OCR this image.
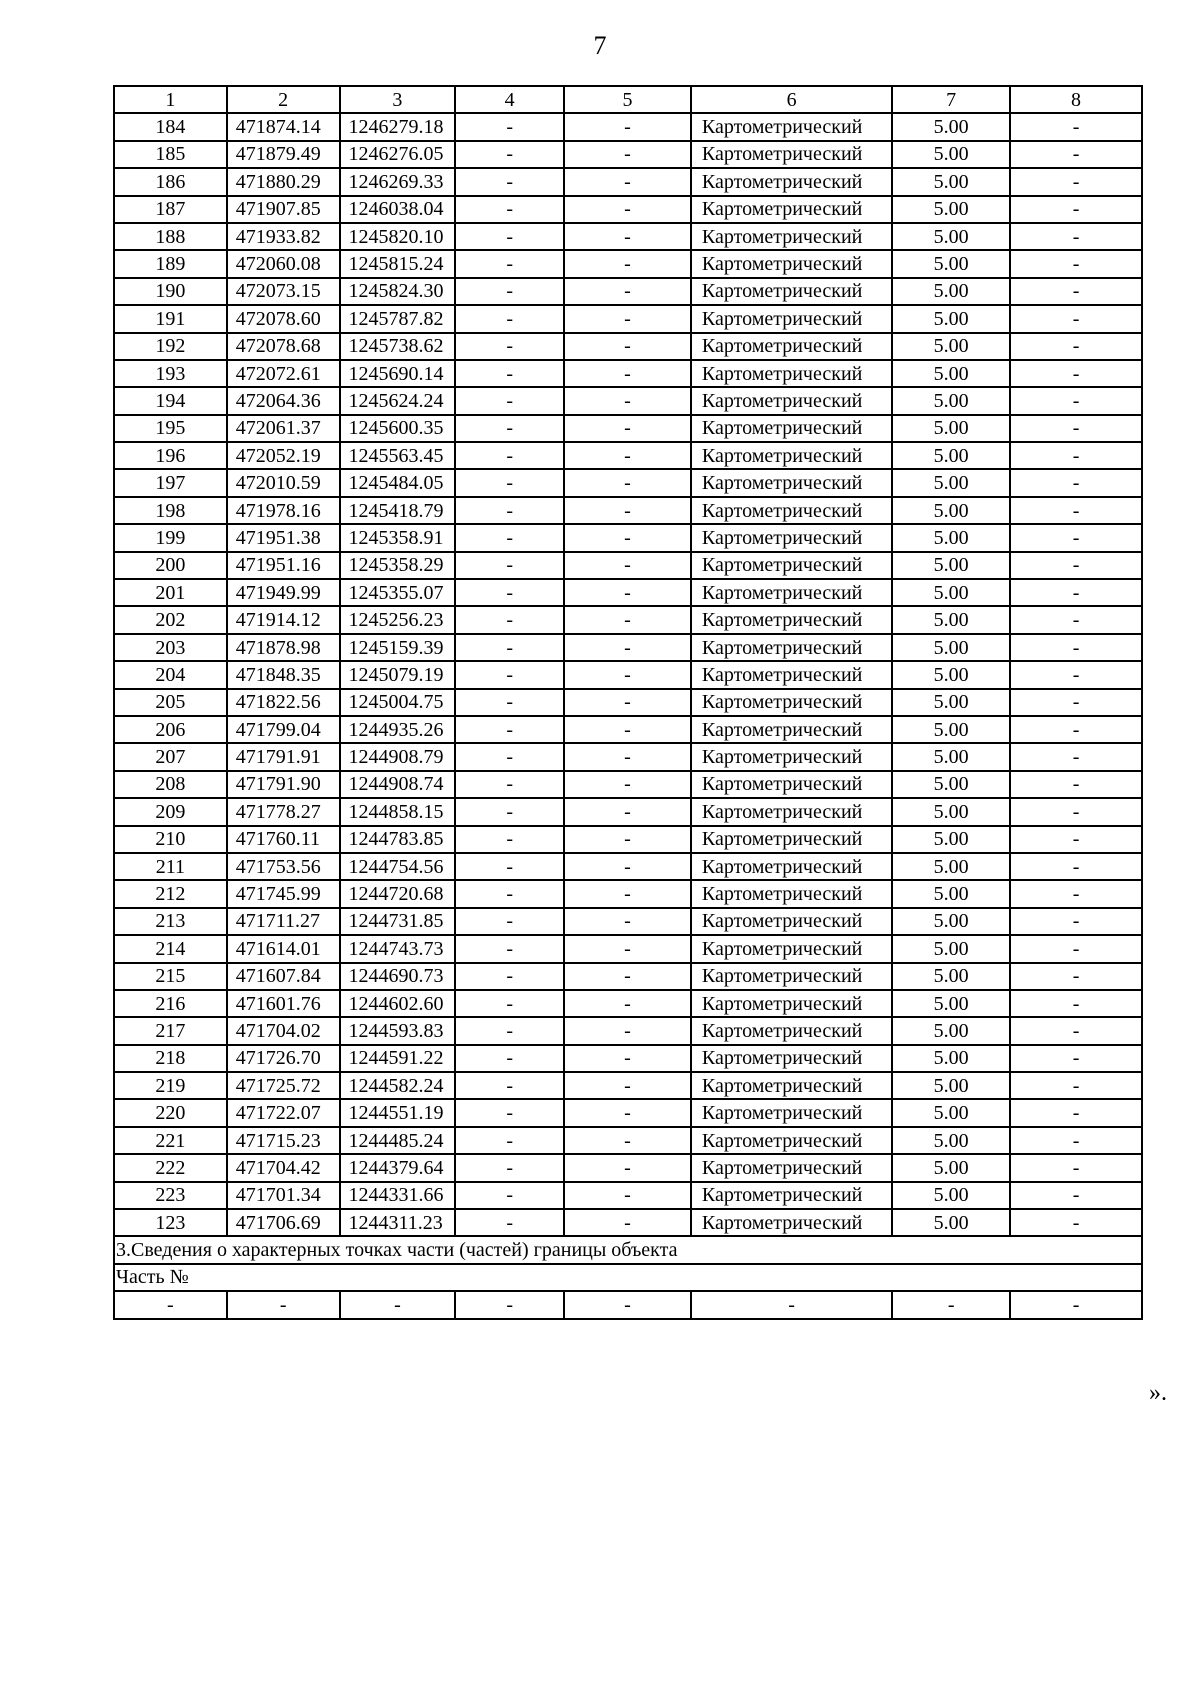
7
1	2	3	4	5	6	7	8
184	471874.14	1246279.18	-	-	Картометрический	5.00	-
185	471879.49	1246276.05	-	-	Картометрический	5.00	-
186	471880.29	1246269.33	-	-	Картометрический	5.00	-
187	471907.85	1246038.04	-	-	Картометрический	5.00	-
188	471933.82	1245820.10	-	-	Картометрический	5.00	-
189	472060.08	1245815.24	-	-	Картометрический	5.00	-
190	472073.15	1245824.30	-	-	Картометрический	5.00	-
191	472078.60	1245787.82	-	-	Картометрический	5.00	-
192	472078.68	1245738.62	-	-	Картометрический	5.00	-
193	472072.61	1245690.14	-	-	Картометрический	5.00	-
194	472064.36	1245624.24	-	-	Картометрический	5.00	-
195	472061.37	1245600.35	-	-	Картометрический	5.00	-
196	472052.19	1245563.45	-	-	Картометрический	5.00	-
197	472010.59	1245484.05	-	-	Картометрический	5.00	-
198	471978.16	1245418.79	-	-	Картометрический	5.00	-
199	471951.38	1245358.91	-	-	Картометрический	5.00	-
200	471951.16	1245358.29	-	-	Картометрический	5.00	-
201	471949.99	1245355.07	-	-	Картометрический	5.00	-
202	471914.12	1245256.23	-	-	Картометрический	5.00	-
203	471878.98	1245159.39	-	-	Картометрический	5.00	-
204	471848.35	1245079.19	-	-	Картометрический	5.00	-
205	471822.56	1245004.75	-	-	Картометрический	5.00	-
206	471799.04	1244935.26	-	-	Картометрический	5.00	-
207	471791.91	1244908.79	-	-	Картометрический	5.00	-
208	471791.90	1244908.74	-	-	Картометрический	5.00	-
209	471778.27	1244858.15	-	-	Картометрический	5.00	-
210	471760.11	1244783.85	-	-	Картометрический	5.00	-
211	471753.56	1244754.56	-	-	Картометрический	5.00	-
212	471745.99	1244720.68	-	-	Картометрический	5.00	-
213	471711.27	1244731.85	-	-	Картометрический	5.00	-
214	471614.01	1244743.73	-	-	Картометрический	5.00	-
215	471607.84	1244690.73	-	-	Картометрический	5.00	-
216	471601.76	1244602.60	-	-	Картометрический	5.00	-
217	471704.02	1244593.83	-	-	Картометрический	5.00	-
218	471726.70	1244591.22	-	-	Картометрический	5.00	-
219	471725.72	1244582.24	-	-	Картометрический	5.00	-
220	471722.07	1244551.19	-	-	Картометрический	5.00	-
221	471715.23	1244485.24	-	-	Картометрический	5.00	-
222	471704.42	1244379.64	-	-	Картометрический	5.00	-
223	471701.34	1244331.66	-	-	Картометрический	5.00	-
123	471706.69	1244311.23	-	-	Картометрический	5.00	-
3.Сведения о характерных точках части (частей) границы объекта							
Часть №							
-	-	-	-	-	-	-	-
».
